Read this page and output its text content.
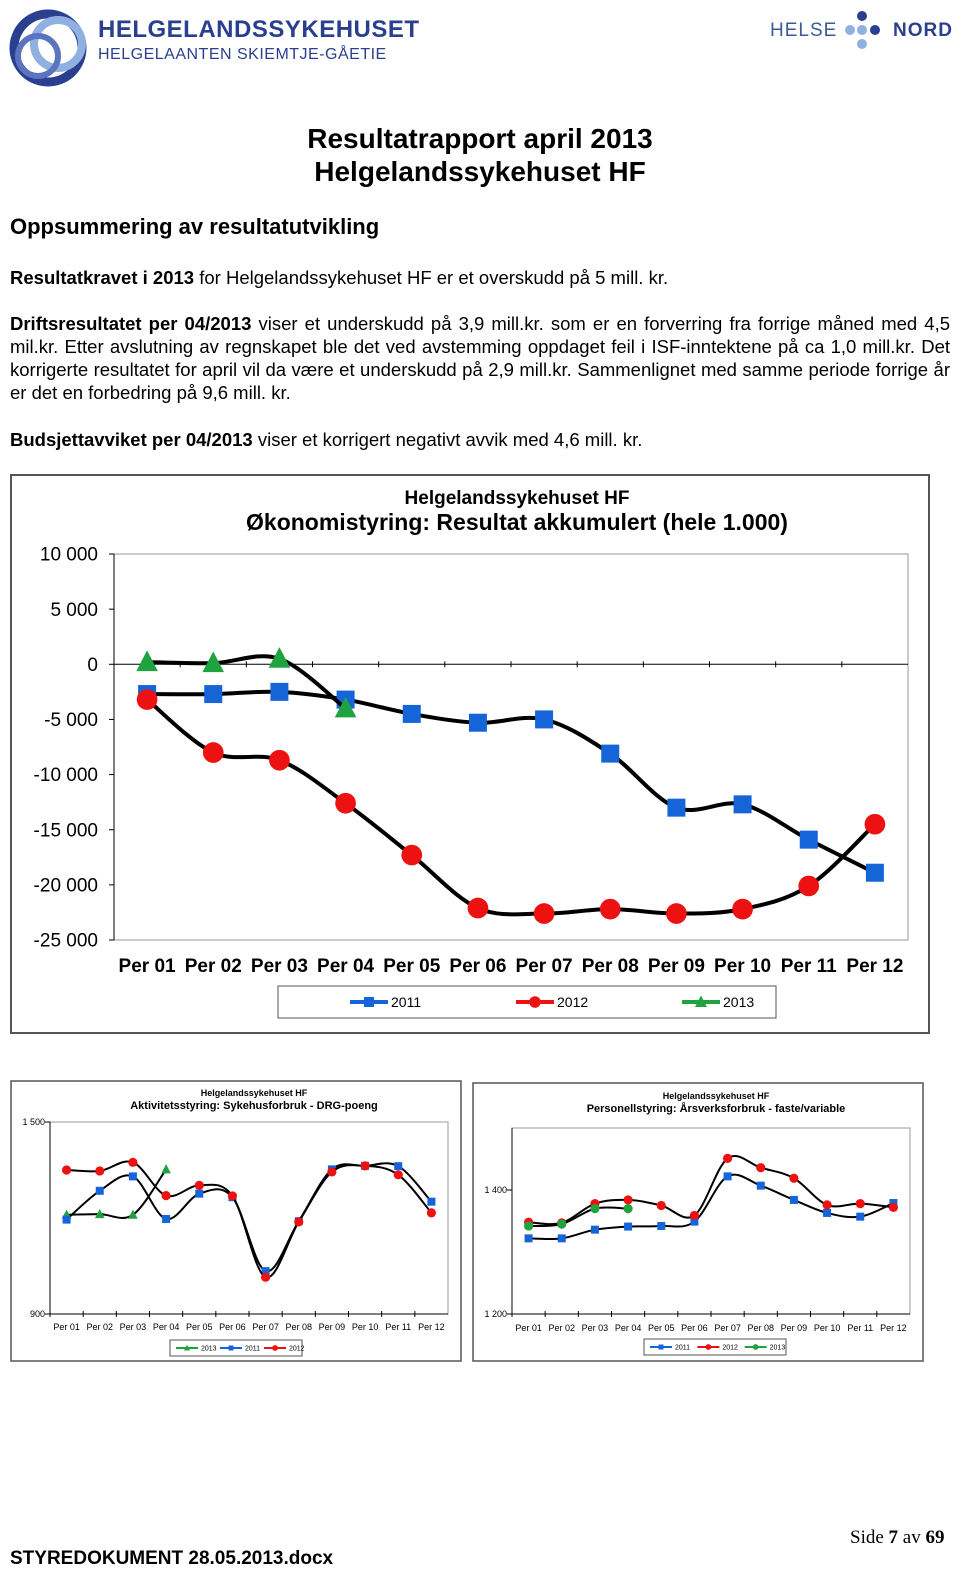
HELGELANDSSYKEHUSET
HELGELAANTEN SKIEMTJE-GÅETIE
HELSE	NORD
Resultatrapport april 2013
Helgelandssykehuset HF
Oppsummering av resultatutvikling
Resultatkravet i 2013 for Helgelandssykehuset HF er et overskudd på 5 mill. kr.
Driftsresultatet per 04/2013 viser et underskudd på 3,9 mill.kr. som er en forverring fra forrige måned med 4,5 mil.kr. Etter avslutning av regnskapet ble det ved avstemming oppdaget feil i ISF-inntektene på ca 1,0 mill.kr. Det korrigerte resultatet for april vil da være et underskudd på 2,9 mill.kr. Sammenlignet med samme periode forrige år er det en forbedring på 9,6 mill. kr.
Budsjettavviket per 04/2013 viser et korrigert negativt avvik med 4,6 mill. kr.
Helgelandssykehuset HF
Økonomistyring: Resultat akkumulert (hele 1.000)
10 000
5 000
0
-5 000
-10 000
-15 000
-20 000
-25 000
Per 01 Per 02 Per 03 Per 04 Per 05 Per 06 Per 07 Per 08 Per 09 Per 10 Per 11 Per 12
2011	2012	2013
Helgelandssykehuset HF
Aktivitetsstyring: Sykehusforbruk - DRG-poeng
1 500
900
Per 01 Per 02 Per 03 Per 04 Per 05 Per 06 Per 07 Per 08 Per 09 Per 10 Per 11 Per 12
2013	2011	2012
Helgelandssykehuset HF
Personellstyring: Årsverksforbruk - faste/variable
1 400
1 200
Per 01 Per 02 Per 03 Per 04 Per 05 Per 06 Per 07 Per 08 Per 09 Per 10 Per 11 Per 12
2011	2012	2013
Side 7 av 69
STYREDOKUMENT 28.05.2013.docx
